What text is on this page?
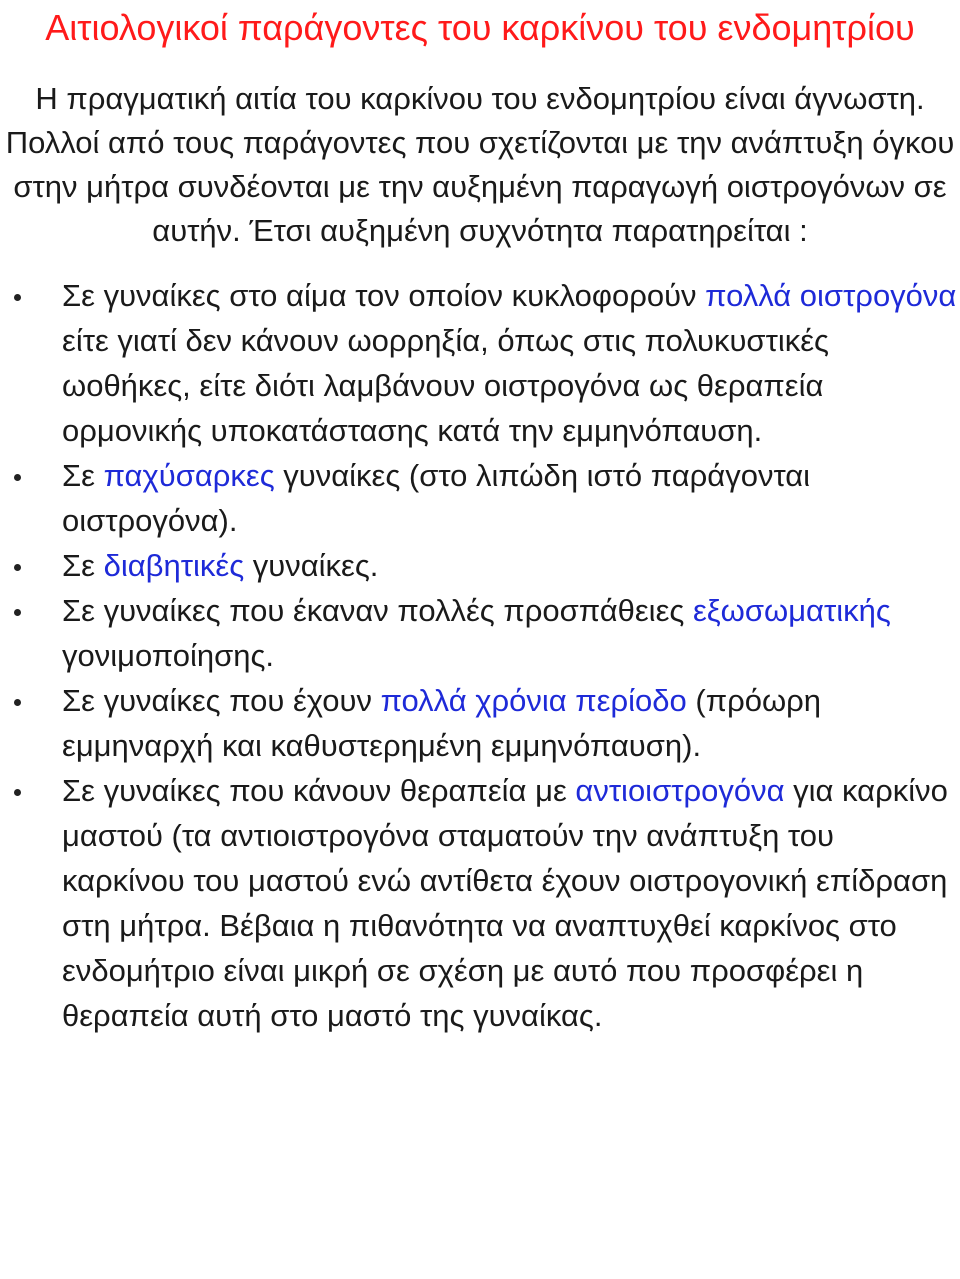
Αιτιολογικοί παράγοντες του καρκίνου του ενδομητρίου
Η πραγματική αιτία του καρκίνου του ενδομητρίου είναι άγνωστη.
Πολλοί από τους παράγοντες που σχετίζονται με την ανάπτυξη όγκου στην μήτρα συνδέονται με την αυξημένη παραγωγή οιστρογόνων σε αυτήν. Έτσι αυξημένη συχνότητα παρατηρείται :
Σε γυναίκες στο αίμα τον οποίον κυκλοφορούν πολλά οιστρογόνα είτε γιατί δεν κάνουν ωορρηξία, όπως στις πολυκυστικές ωοθήκες, είτε διότι λαμβάνουν οιστρογόνα ως θεραπεία ορμονικής υποκατάστασης κατά την εμμηνόπαυση.
Σε παχύσαρκες γυναίκες (στο λιπώδη ιστό παράγονται οιστρογόνα).
Σε διαβητικές γυναίκες.
Σε γυναίκες που έκαναν πολλές προσπάθειες εξωσωματικής γονιμοποίησης.
Σε γυναίκες που έχουν πολλά χρόνια περίοδο (πρόωρη εμμηναρχή και καθυστερημένη εμμηνόπαυση).
Σε γυναίκες που κάνουν θεραπεία με αντιοιστρογόνα για καρκίνο μαστού (τα αντιοιστρογόνα σταματούν την ανάπτυξη του καρκίνου του μαστού ενώ αντίθετα έχουν οιστρογονική επίδραση στη μήτρα. Βέβαια η πιθανότητα να αναπτυχθεί καρκίνος στο ενδομήτριο είναι μικρή σε σχέση με αυτό που προσφέρει η θεραπεία αυτή στο μαστό της γυναίκας.
